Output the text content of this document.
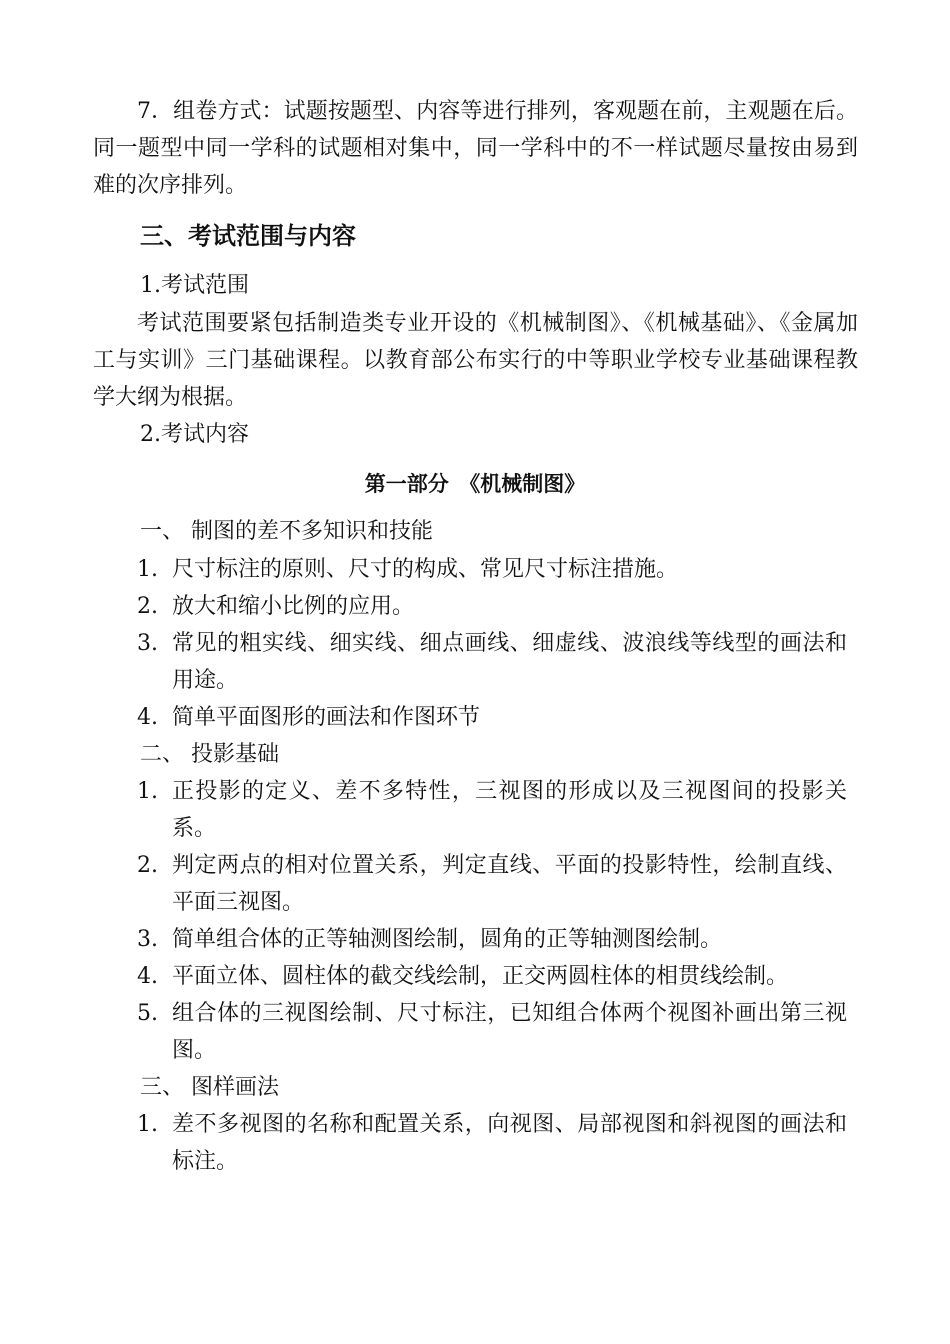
7．组卷方式：试题按题型、内容等进行排列，客观题在前，主观题在后。同一题型中同一学科的试题相对集中，同一学科中的不一样试题尽量按由易到难的次序排列。

三、考试范围与内容

1.考试范围

考试范围要紧包括制造类专业开设的《机械制图》、《机械基础》、《金属加工与实训》三门基础课程。以教育部公布实行的中等职业学校专业基础课程教学大纲为根据。

2.考试内容

第一部分　《机械制图》

一、 制图的差不多知识和技能

1. 尺寸标注的原则、尺寸的构成、常见尺寸标注措施。
2. 放大和缩小比例的应用。
3. 常见的粗实线、细实线、细点画线、细虚线、波浪线等线型的画法和用途。
4. 简单平面图形的画法和作图环节

二、 投影基础

1. 正投影的定义、差不多特性，三视图的形成以及三视图间的投影关系。
2. 判定两点的相对位置关系，判定直线、平面的投影特性，绘制直线、平面三视图。
3. 简单组合体的正等轴测图绘制，圆角的正等轴测图绘制。
4. 平面立体、圆柱体的截交线绘制，正交两圆柱体的相贯线绘制。
5. 组合体的三视图绘制、尺寸标注，已知组合体两个视图补画出第三视图。

三、 图样画法

1. 差不多视图的名称和配置关系，向视图、局部视图和斜视图的画法和标注。
